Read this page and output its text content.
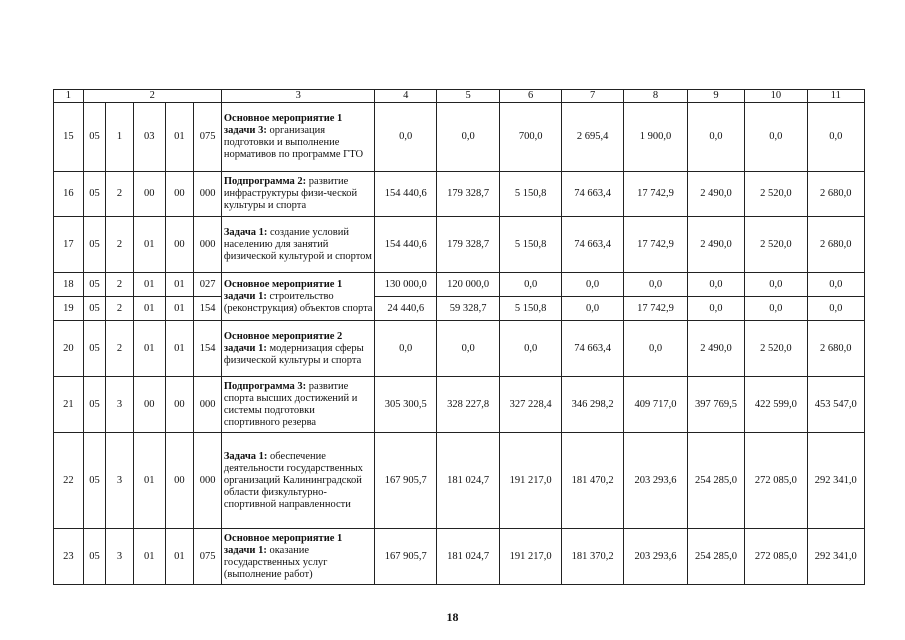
1	2					3	4	5	6	7	8	9	10	11
15	05	1	03	01	075	Основное мероприятие 1 задачи 3: организация подготовки и выполнение нормативов по программе ГТО	0,0	0,0	700,0	2 695,4	1 900,0	0,0	0,0	0,0
16	05	2	00	00	000	Подпрограмма 2: развитие инфраструктуры физи-ческой культуры и спорта	154 440,6	179 328,7	5 150,8	74 663,4	17 742,9	2 490,0	2 520,0	2 680,0
17	05	2	01	00	000	Задача 1: создание условий населению для занятий физической культурой и спортом	154 440,6	179 328,7	5 150,8	74 663,4	17 742,9	2 490,0	2 520,0	2 680,0
18	05	2	01	01	027	Основное мероприятие 1 задачи 1: строительство (реконструкция) объектов спорта	130 000,0	120 000,0	0,0	0,0	0,0	0,0	0,0	0,0
19	05	2	01	01	154		24 440,6	59 328,7	5 150,8	0,0	17 742,9	0,0	0,0	0,0
20	05	2	01	01	154	Основное мероприятие 2 задачи 1: модернизация сферы физической культуры и спорта	0,0	0,0	0,0	74 663,4	0,0	2 490,0	2 520,0	2 680,0
21	05	3	00	00	000	Подпрограмма 3: развитие спорта высших достижений и системы подготовки спортивного резерва	305 300,5	328 227,8	327 228,4	346 298,2	409 717,0	397 769,5	422 599,0	453 547,0
22	05	3	01	00	000	Задача 1: обеспечение деятельности государственных организаций Калининградской области физкультурно-спортивной направленности	167 905,7	181 024,7	191 217,0	181 470,2	203 293,6	254 285,0	272 085,0	292 341,0
23	05	3	01	01	075	Основное мероприятие 1 задачи 1: оказание государственных услуг (выполнение работ)	167 905,7	181 024,7	191 217,0	181 370,2	203 293,6	254 285,0	272 085,0	292 341,0
18
